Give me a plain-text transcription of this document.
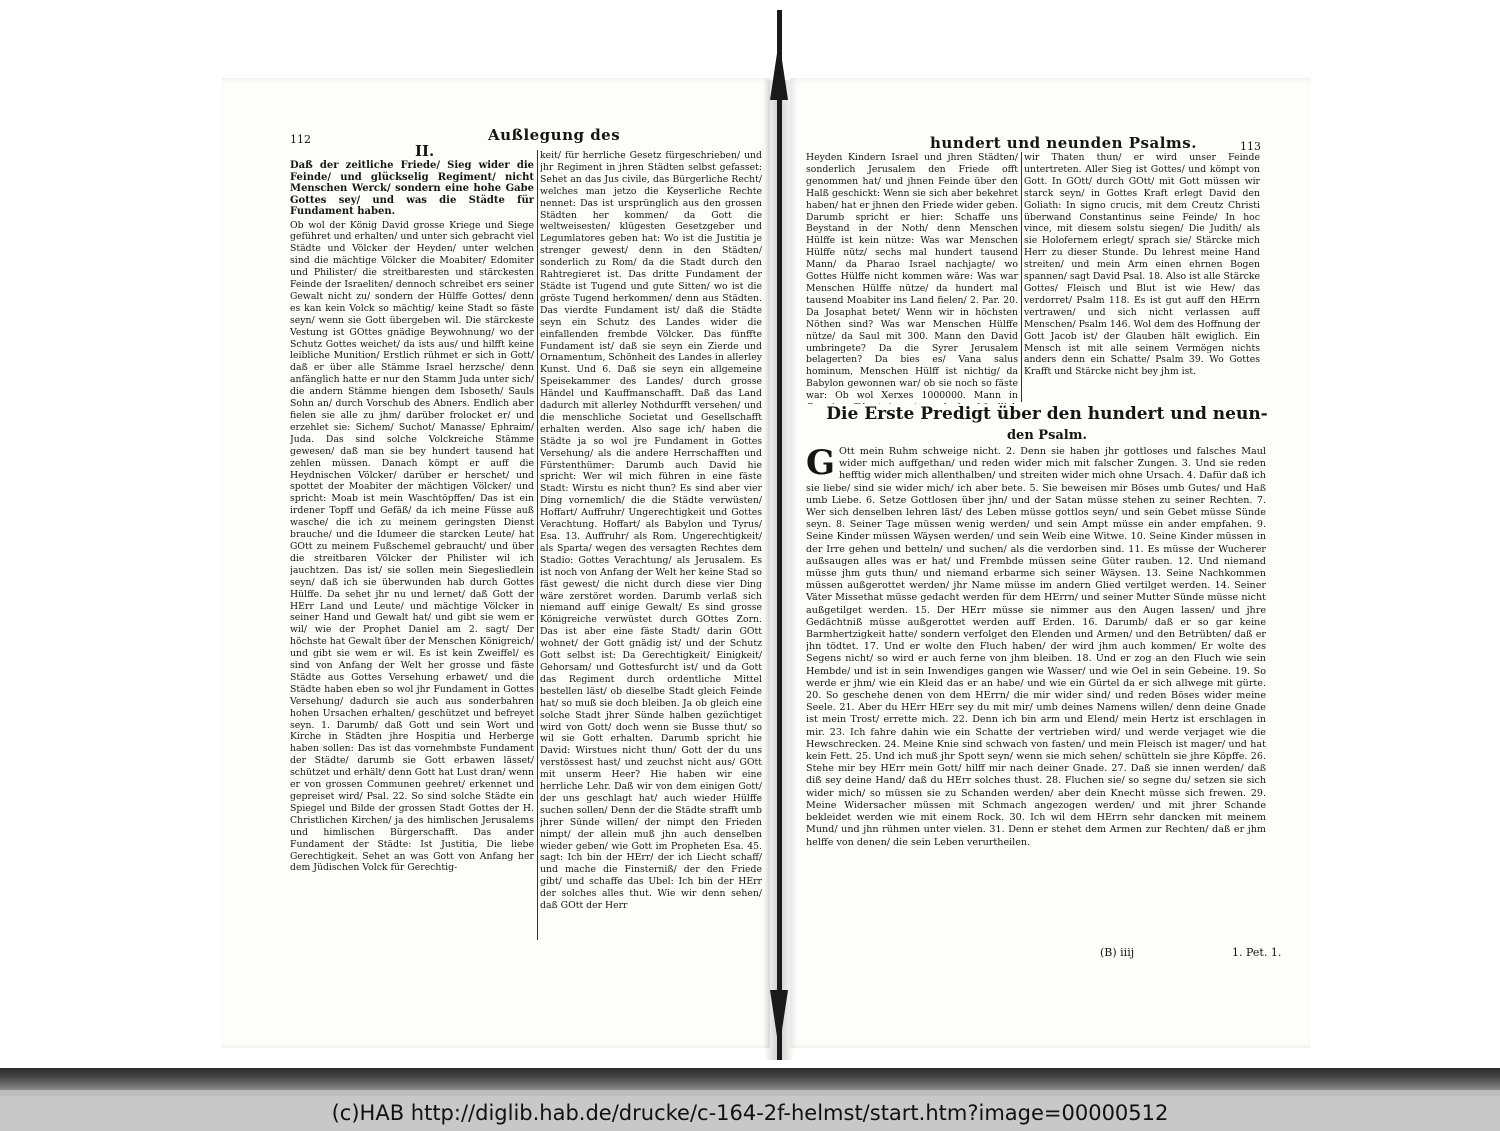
112	Außlegung des
II.

Daß der zeitliche Friede/ Sieg wider die Feinde/ und glückselig Regiment/ nicht Menschen Werck/ sondern eine hohe Gabe Gottes sey/ und was die Städte für Fundament haben.

Ob wol der König David grosse Kriege und Siege geführet und erhalten/ und unter sich gebracht viel Städte und Völcker der Heyden/ unter welchen sind die mächtige Völcker die Moabiter/ Edomiter und Philister/ die streitbaresten und stärckesten Feinde der Israeliten/ dennoch schreibet ers seiner Gewalt nicht zu/ sondern der Hülffe Gottes/ denn es kan kein Volck so mächtig/ keine Stadt so fäste seyn/ wenn sie Gott übergeben wil. Die stärckeste Vestung ist GOttes gnädige Beywohnung/ wo der Schutz Gottes weichet/ da ists aus/ und hilfft keine leibliche Munition/ Erstlich rühmet er sich in Gott/ daß er über alle Stämme Israel herzsche/ denn anfänglich hatte er nur den Stamm Juda unter sich/ die andern Stämme hiengen dem Isboseth/ Sauls Sohn an/ durch Vorschub des Abners. Endlich aber fielen sie alle zu jhm/ darüber frolocket er/ und erzehlet sie: Sichem/ Suchot/ Manasse/ Ephraim/ Juda. Das sind solche Volckreiche Stämme gewesen/ daß man sie bey hundert tausend hat zehlen müssen. Danach kömpt er auff die Heydnischen Völcker/ darüber er herschet/ und spottet der Moabiter der mächtigen Völcker/ und spricht: Moab ist mein Waschtöpffen/ Das ist ein irdener Topff und Gefäß/ da ich meine Füsse auß wasche/ die ich zu meinem geringsten Dienst brauche/ und die Idumeer die starcken Leute/ hat GOtt zu meinem Fußschemel gebraucht/ und über die streitbaren Völcker der Philister wil ich jauchtzen. Das ist/ sie sollen mein Siegesliedlein seyn/ daß ich sie überwunden hab durch Gottes Hülffe. Da sehet jhr nu und lernet/ daß Gott der HErr Land und Leute/ und mächtige Völcker in seiner Hand und Gewalt hat/ und gibt sie wem er wil/ wie der Prophet Daniel am 2. sagt/ Der höchste hat Gewalt über der Menschen Königreich/ und gibt sie wem er wil. Es ist kein Zweiffel/ es sind von Anfang der Welt her grosse und fäste Städte aus Gottes Versehung erbawet/ und die Städte haben eben so wol jhr Fundament in Gottes Versehung/ dadurch sie auch aus sonderbahren hohen Ursachen erhalten/ geschützet und befreyet seyn. 1. Darumb/ daß Gott und sein Wort und Kirche in Städten jhre Hospitia und Herberge haben sollen: Das ist das vornehmbste Fundament der Städte/ darumb sie Gott erbawen lässet/ schützet und erhält/ denn Gott hat Lust dran/ wenn er von grossen Communen geehret/ erkennet und gepreiset wird/ Psal. 22. So sind solche Städte ein Spiegel und Bilde der grossen Stadt Gottes der H. Christlichen Kirchen/ ja des himlischen Jerusalems und himlischen Bürgerschafft. Das ander Fundament der Städte: Ist Justitia, Die liebe Gerechtigkeit. Sehet an was Gott von Anfang her dem Jüdischen Volck für Gerechtig-

keit/ für herrliche Gesetz fürgeschrieben/ und jhr Regiment in jhren Städten selbst gefasset: Sehet an das Jus civile, das Bürgerliche Recht/ welches man jetzo die Keyserliche Rechte nennet: Das ist ursprünglich aus den grossen Städten her kommen/ da Gott die weltweisesten/ klügesten Gesetzgeber und Legumlatores geben hat: Wo ist die Justitia je strenger gewest/ denn in den Städten/ sonderlich zu Rom/ da die Stadt durch den Rahtregieret ist. Das dritte Fundament der Städte ist Tugend und gute Sitten/ wo ist die gröste Tugend herkommen/ denn aus Städten. Das vierdte Fundament ist/ daß die Städte seyn ein Schutz des Landes wider die einfallenden frembde Völcker. Das fünffte Fundament ist/ daß sie seyn ein Zierde und Ornamentum, Schönheit des Landes in allerley Kunst. Und 6. Daß sie seyn ein allgemeine Speisekammer des Landes/ durch grosse Händel und Kauffmanschafft. Daß das Land dadurch mit allerley Nothdurfft versehen/ und die menschliche Societat und Gesellschafft erhalten werden. Also sage ich/ haben die Städte ja so wol jre Fundament in Gottes Versehung/ als die andere Herrschafften und Fürstenthümer: Darumb auch David hie spricht: Wer wil mich führen in eine fäste Stadt: Wirstu es nicht thun? Es sind aber vier Ding vornemlich/ die die Städte verwüsten/ Hoffart/ Auffruhr/ Ungerechtigkeit und Gottes Verachtung. Hoffart/ als Babylon und Tyrus/ Esa. 13. Auffruhr/ als Rom. Ungerechtigkeit/ als Sparta/ wegen des versagten Rechtes dem Stadio: Gottes Verachtung/ als Jerusalem. Es ist noch von Anfang der Welt her keine Stad so fäst gewest/ die nicht durch diese vier Ding wäre zerstöret worden. Darumb verlaß sich niemand auff einige Gewalt/ Es sind grosse Königreiche verwüstet durch GOttes Zorn. Das ist aber eine fäste Stadt/ darin GOtt wohnet/ der Gott gnädig ist/ und der Schutz Gott selbst ist: Da Gerechtigkeit/ Einigkeit/ Gehorsam/ und Gottesfurcht ist/ und da Gott das Regiment durch ordentliche Mittel bestellen läst/ ob dieselbe Stadt gleich Feinde hat/ so muß sie doch bleiben. Ja ob gleich eine solche Stadt jhrer Sünde halben gezüchtiget wird von Gott/ doch wenn sie Busse thut/ so wil sie Gott erhalten. Darumb spricht hie David: Wirstues nicht thun/ Gott der du uns verstössest hast/ und zeuchst nicht aus/ GOtt mit unserm Heer? Hie haben wir eine herrliche Lehr. Daß wir von dem einigen Gott/ der uns geschlagt hat/ auch wieder Hülffe suchen sollen/ Denn der die Städte strafft umb jhrer Sünde willen/ der nimpt den Frieden nimpt/ der allein muß jhn auch denselben wieder geben/ wie Gott im Propheten Esa. 45. sagt: Ich bin der HErr/ der ich Liecht schaff/ und mache die Finsterniß/ der den Friede gibt/ und schaffe das Ubel: Ich bin der HErr der solches alles thut. Wie wir denn sehen/ daß GOtt der Herr

hundert und neunden Psalms.	113

Heyden Kindern Israel und jhren Städten/ sonderlich Jerusalem den Friede offt genommen hat/ und jhnen Feinde über den Halß geschickt: Wenn sie sich aber bekehret haben/ hat er jhnen den Friede wider geben. Darumb spricht er hier: Schaffe uns Beystand in der Noth/ denn Menschen Hülffe ist kein nütze: Was war Menschen Hülffe nütz/ sechs mal hundert tausend Mann/ da Pharao Israel nachjagte/ wo Gottes Hülffe nicht kommen wäre: Was war Menschen Hülffe nütze/ da hundert mal tausend Moabiter ins Land fielen/ 2. Par. 20. Da Josaphat betet/ Wenn wir in höchsten Nöthen sind? Was war Menschen Hülffe nütze/ da Saul mit 300. Mann den David umbringete? Da die Syrer Jerusalem belagerten? Da bies es/ Vana salus hominum, Menschen Hülff ist nichtig/ da Babylon gewonnen war/ ob sie noch so fäste war: Ob wol Xerxes 1000000. Mann in

wir Thaten thun/ er wird unser Feinde untertreten. Aller Sieg ist Gottes/ und kömpt von Gott. In GOtt/ durch GOtt/ mit Gott müssen wir starck seyn/ in Gottes Kraft erlegt David den Goliath: In signo crucis, mit dem Creutz Christi überwand Constantinus seine Feinde/ In hoc vince, mit diesem solstu siegen/ Die Judith/ als sie Holofernem erlegt/ sprach sie/ Stärcke mich Herr zu dieser Stunde. Du lehrest meine Hand streiten/ und mein Arm einen ehrnen Bogen spannen/ sagt David Psal. 18. Also ist alle Stärcke Gottes/ Fleisch und Blut ist wie Hew/ das verdorret/ Psalm 118. Es ist gut auff den HErrn vertrawen/ und sich nicht verlassen auff Menschen/ Psalm 146. Wol dem des Hoffnung der Gott Jacob ist/ der Glauben hält ewiglich. Ein Mensch ist mit alle seinem Vermögen nichts anders denn ein Schatte/ Psalm 39. Wo Gottes Krafft und Stärcke nicht bey jhm ist.

Die Erste Predigt über den hundert und neun-
den Psalm.
G Ott mein Ruhm schweige nicht. 2. Denn sie haben jhr gottloses und falsches Maul wider mich auffgethan/ und reden wider mich mit falscher Zungen. 3. Und sie reden hefftig wider mich allenthalben/ und streiten wider mich ohne Ursach. 4. Dafür daß ich sie liebe/ sind sie wider mich/ ich aber bete. 5. Sie beweisen mir Böses umb Gutes/ und Haß umb Liebe. 6. Setze Gottlosen über jhn/ und der Satan müsse stehen zu seiner Rechten. 7. Wer sich denselben lehren läst/ des Leben müsse gottlos seyn/ und sein Gebet müsse Sünde seyn. 8. Seiner Tage müssen wenig werden/ und sein Ampt müsse ein ander empfahen. 9. Seine Kinder müssen Wäysen werden/ und sein Weib eine Witwe. 10. Seine Kinder müssen in der Irre gehen und betteln/ und suchen/ als die verdorben sind. 11. Es müsse der Wucherer außsaugen alles was er hat/ und Frembde müssen seine Güter rauben. 12. Und niemand müsse jhm guts thun/ und niemand erbarme sich seiner Wäysen. 13. Seine Nachkommen müssen außgerottet werden/ jhr Name müsse im andern Glied vertilget werden. 14. Seiner Väter Missethat müsse gedacht werden für dem HErrn/ und seiner Mutter Sünde müsse nicht außgetilget werden. 15. Der HErr müsse sie nimmer aus den Augen lassen/ und jhre Gedächtniß müsse außgerottet werden auff Erden. 16. Darumb/ daß er so gar keine Barmhertzigkeit hatte/ sondern verfolget den Elenden und Armen/ und den Betrübten/ daß er jhn tödtet. 17. Und er wolte den Fluch haben/ der wird jhm auch kommen/ Er wolte des Segens nicht/ so wird er auch ferne von jhm bleiben. 18. Und er zog an den Fluch wie sein Hembde/ und ist in sein Inwendiges gangen wie Wasser/ und wie Oel in sein Gebeine. 19. So werde er jhm/ wie ein Kleid das er an habe/ und wie ein Gürtel da er sich allwege mit gürte. 20. So geschehe denen von dem HErrn/ die mir wider sind/ und reden Böses wider meine Seele. 21. Aber du HErr HErr sey du mit mir/ umb deines Namens willen/ denn deine Gnade ist mein Trost/ errette mich. 22. Denn ich bin arm und Elend/ mein Hertz ist erschlagen in mir. 23. Ich fahre dahin wie ein Schatte der vertrieben wird/ und werde verjaget wie die Hewschrecken. 24. Meine Knie sind schwach von fasten/ und mein Fleisch ist mager/ und hat kein Fett. 25. Und ich muß jhr Spott seyn/ wenn sie mich sehen/ schütteln sie jhre Köpffe. 26. Stehe mir bey HErr mein Gott/ hilff mir nach deiner Gnade. 27. Daß sie innen werden/ daß diß sey deine Hand/ daß du HErr solches thust. 28. Fluchen sie/ so segne du/ setzen sie sich wider mich/ so müssen sie zu Schanden werden/ aber dein Knecht müsse sich frewen. 29. Meine Widersacher müssen mit Schmach angezogen werden/ und mit jhrer Schande bekleidet werden wie mit einem Rock. 30. Ich wil dem HErrn sehr dancken mit meinem Mund/ und jhn rühmen unter vielen. 31. Denn er stehet dem Armen zur Rechten/ daß er jhm helffe von denen/ die sein Leben verurtheilen.

(B) iiij	1. Pet. 1.
(c)HAB http://diglib.hab.de/drucke/c-164-2f-helmst/start.htm?image=00000512
